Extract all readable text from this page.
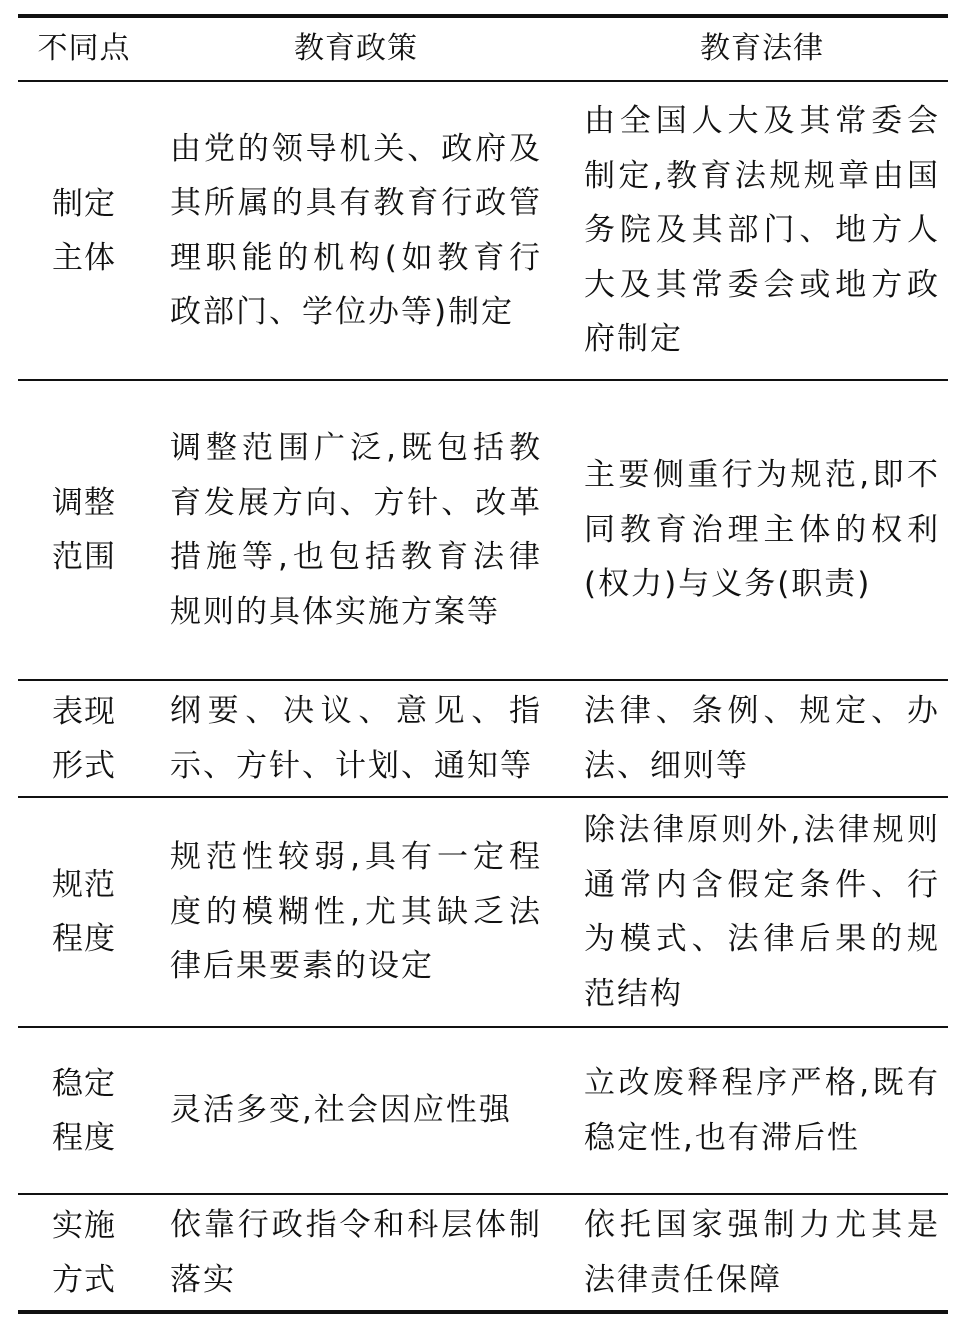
不同点	教育政策	教育法律
制定主体
由党的领导机关、政府及其所属的具有教育行政管理职能的机构(如教育行政部门、学位办等)制定
由全国人大及其常委会制定,教育法规规章由国务院及其部门、地方人大及其常委会或地方政府制定
调整范围
调整范围广泛,既包括教育发展方向、方针、改革措施等,也包括教育法律规则的具体实施方案等
主要侧重行为规范,即不同教育治理主体的权利(权力)与义务(职责)
表现形式
纲要、决议、意见、指示、方针、计划、通知等
法律、条例、规定、办法、细则等
规范程度
规范性较弱,具有一定程度的模糊性,尤其缺乏法律后果要素的设定
除法律原则外,法律规则通常内含假定条件、行为模式、法律后果的规范结构
稳定程度
灵活多变,社会因应性强
立改废释程序严格,既有稳定性,也有滞后性
实施方式
依靠行政指令和科层体制落实
依托国家强制力尤其是法律责任保障
